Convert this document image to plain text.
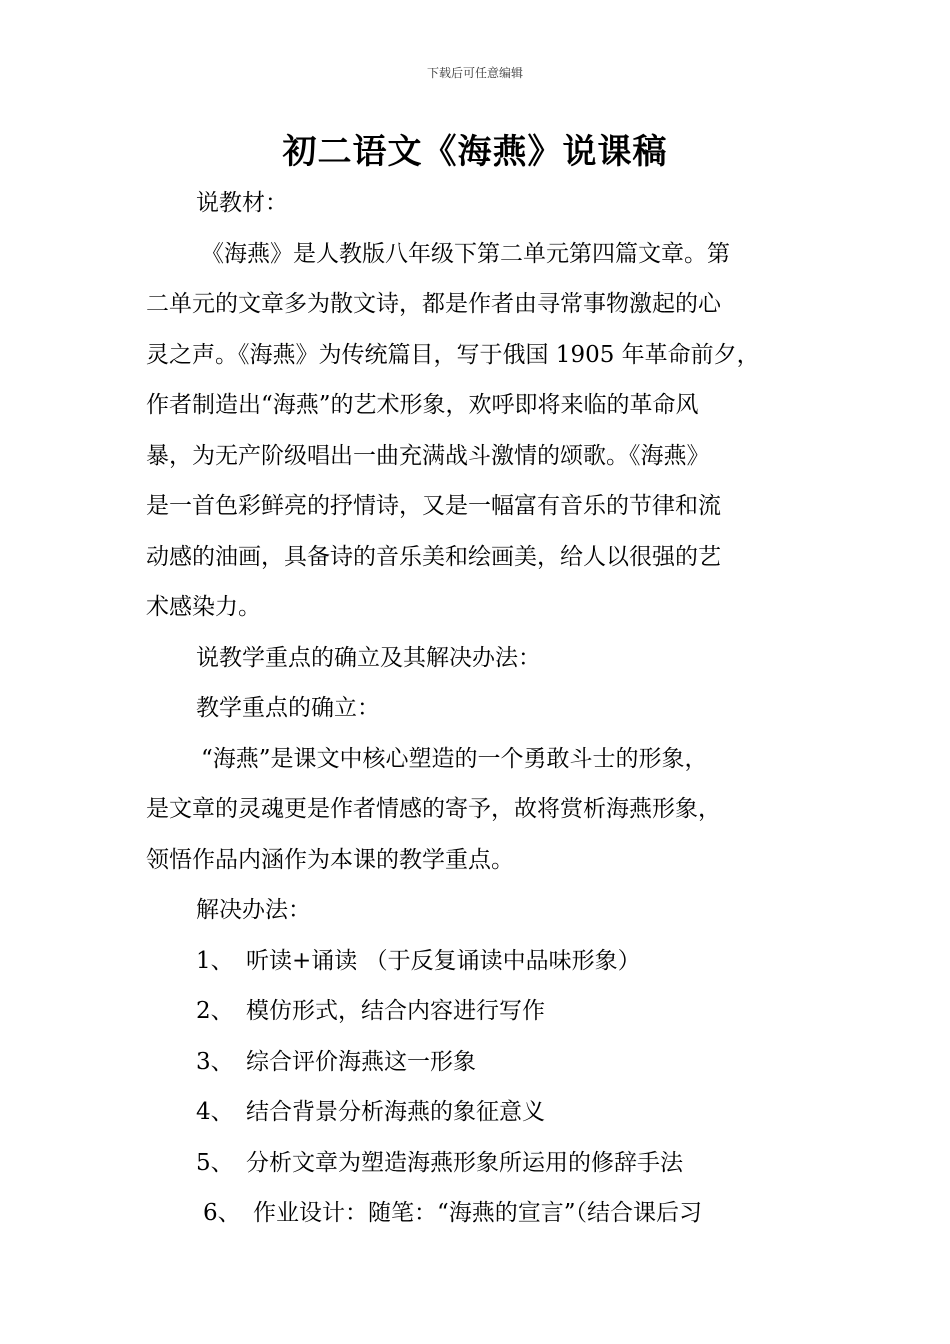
下载后可任意编辑
初二语文《海燕》说课稿
说教材：
《海燕》是人教版八年级下第二单元第四篇文章。第
二单元的文章多为散文诗，都是作者由寻常事物激起的心
灵之声。《海燕》为传统篇目，写于俄国 1905 年革命前夕，
作者制造出“海燕”的艺术形象，欢呼即将来临的革命风
暴，为无产阶级唱出一曲充满战斗激情的颂歌。《海燕》
是一首色彩鲜亮的抒情诗，又是一幅富有音乐的节律和流
动感的油画，具备诗的音乐美和绘画美，给人以很强的艺
术感染力。
说教学重点的确立及其解决办法：
教学重点的确立：
“海燕”是课文中核心塑造的一个勇敢斗士的形象，
是文章的灵魂更是作者情感的寄予，故将赏析海燕形象，
领悟作品内涵作为本课的教学重点。
解决办法：
1、 听读+诵读 （于反复诵读中品味形象）
2、 模仿形式，结合内容进行写作
3、 综合评价海燕这一形象
4、 结合背景分析海燕的象征意义
5、 分析文章为塑造海燕形象所运用的修辞手法
6、 作业设计：随笔：“海燕的宣言”（结合课后习
